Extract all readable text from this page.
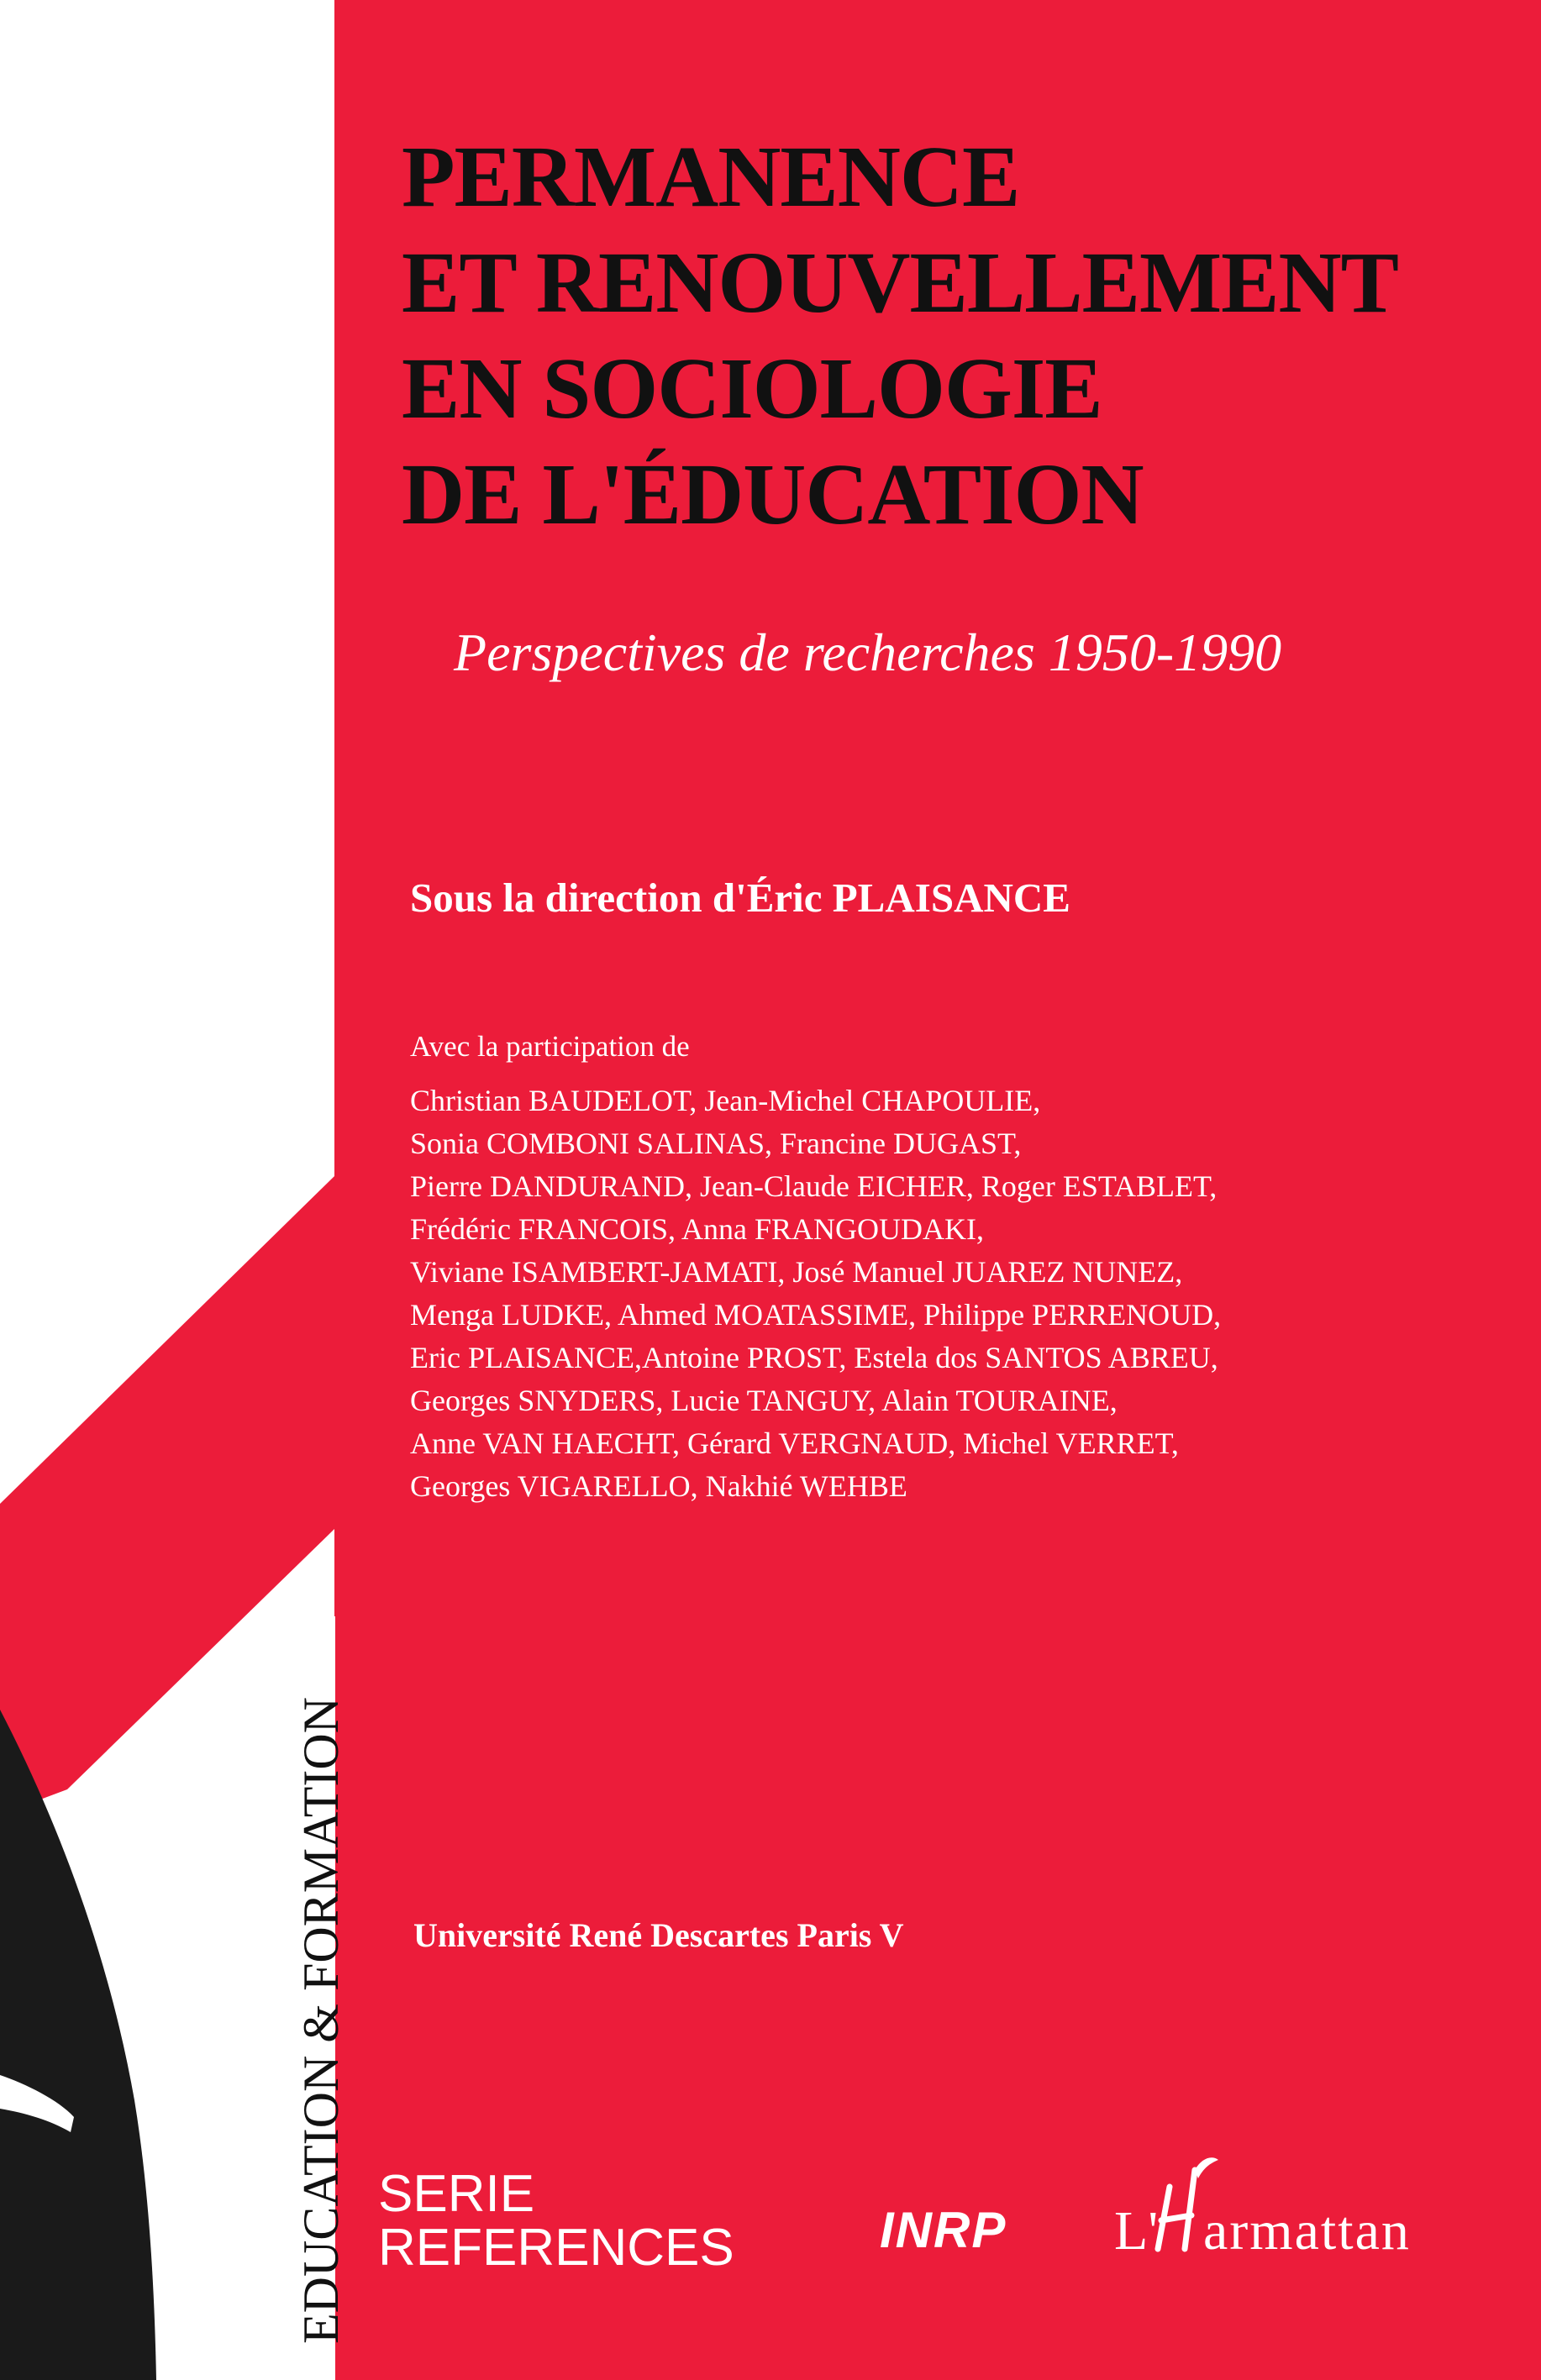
EDUCATION & FORMATION
PERMANENCE
ET RENOUVELLEMENT
EN SOCIOLOGIE
DE L'ÉDUCATION
Perspectives de recherches 1950-1990
Sous la direction d'Éric PLAISANCE
Avec la participation de
Christian BAUDELOT, Jean-Michel CHAPOULIE,
Sonia COMBONI SALINAS, Francine DUGAST,
Pierre DANDURAND, Jean-Claude EICHER, Roger ESTABLET,
Frédéric FRANCOIS, Anna FRANGOUDAKI,
Viviane ISAMBERT-JAMATI, José Manuel JUAREZ NUNEZ,
Menga LUDKE, Ahmed MOATASSIME, Philippe PERRENOUD,
Eric PLAISANCE,Antoine PROST, Estela dos SANTOS ABREU,
Georges SNYDERS, Lucie TANGUY, Alain TOURAINE,
Anne VAN HAECHT, Gérard VERGNAUD, Michel VERRET,
Georges VIGARELLO, Nakhié WEHBE
Université René Descartes Paris V
SERIE
REFERENCES	INRP L' armattan
